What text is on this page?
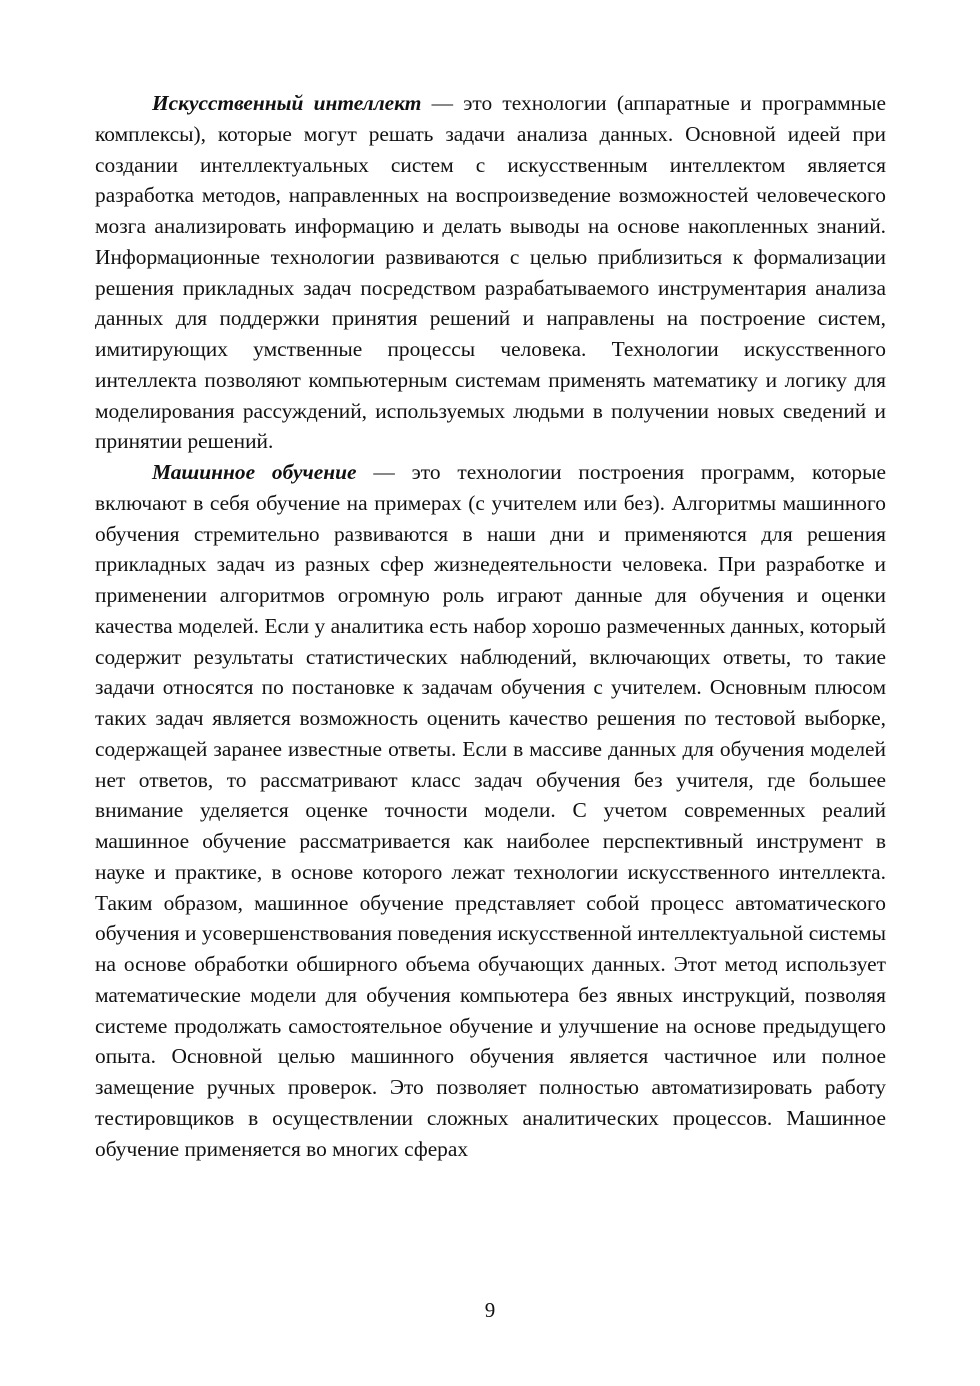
Искусственный интеллект — это технологии (аппаратные и программные комплексы), которые могут решать задачи анализа данных. Основной идеей при создании интеллектуальных систем с искусственным интеллектом является разработка методов, направленных на воспроизведение возможностей человеческого мозга анализировать информацию и делать выводы на основе накопленных знаний. Информационные технологии развиваются с целью приблизиться к формализации решения прикладных задач посредством разрабатываемого инструментария анализа данных для поддержки принятия решений и направлены на построение систем, имитирующих умственные процессы человека. Технологии искусственного интеллекта позволяют компьютерным системам применять математику и логику для моделирования рассуждений, используемых людьми в получении новых сведений и принятии решений.

Машинное обучение — это технологии построения программ, которые включают в себя обучение на примерах (с учителем или без). Алгоритмы машинного обучения стремительно развиваются в наши дни и применяются для решения прикладных задач из разных сфер жизнедеятельности человека. При разработке и применении алгоритмов огромную роль играют данные для обучения и оценки качества моделей. Если у аналитика есть набор хорошо размеченных данных, который содержит результаты статистических наблюдений, включающих ответы, то такие задачи относятся по постановке к задачам обучения с учителем. Основным плюсом таких задач является возможность оценить качество решения по тестовой выборке, содержащей заранее известные ответы. Если в массиве данных для обучения моделей нет ответов, то рассматривают класс задач обучения без учителя, где большее внимание уделяется оценке точности модели. С учетом современных реалий машинное обучение рассматривается как наиболее перспективный инструмент в науке и практике, в основе которого лежат технологии искусственного интеллекта. Таким образом, машинное обучение представляет собой процесс автоматического обучения и усовершенствования поведения искусственной интеллектуальной системы на основе обработки обширного объема обучающих данных. Этот метод использует математические модели для обучения компьютера без явных инструкций, позволяя системе продолжать самостоятельное обучение и улучшение на основе предыдущего опыта. Основной целью машинного обучения является частичное или полное замещение ручных проверок. Это позволяет полностью автоматизировать работу тестировщиков в осуществлении сложных аналитических процессов. Машинное обучение применяется во многих сферах

9
